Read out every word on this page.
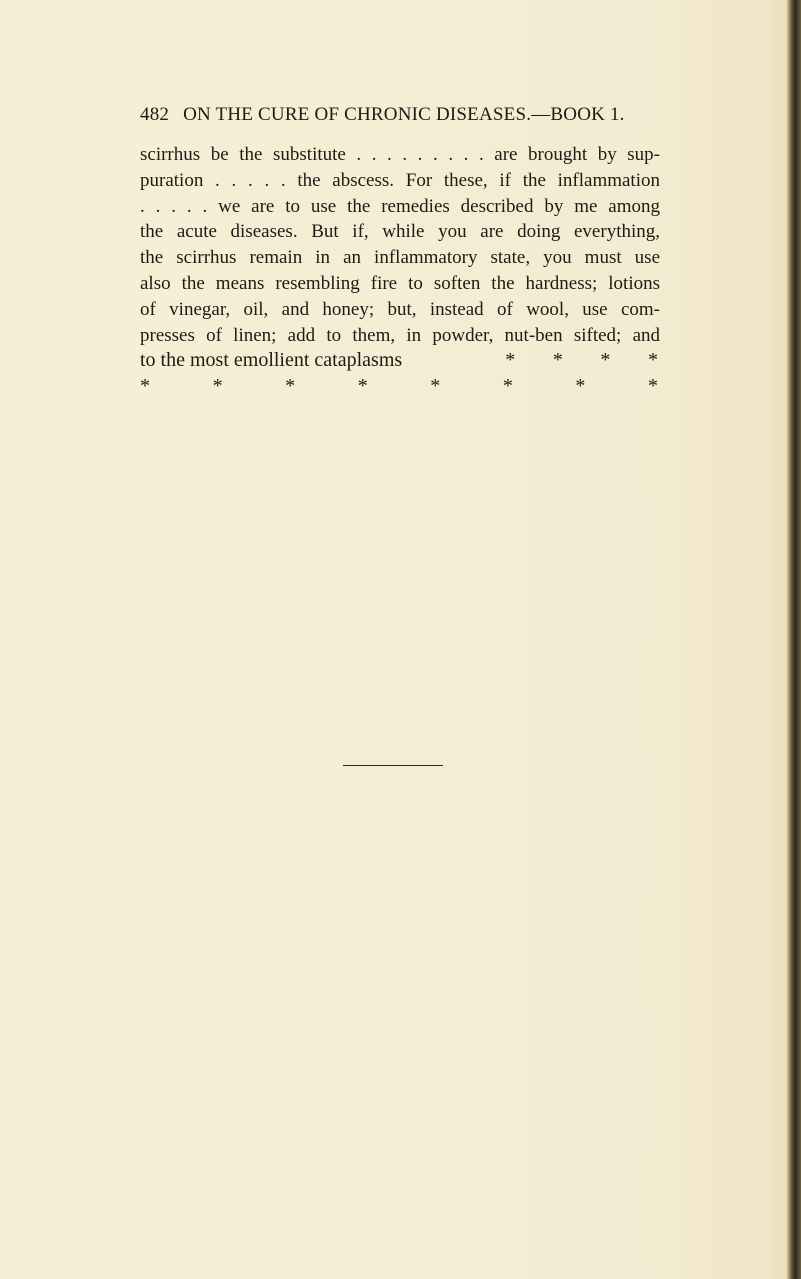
482 ON THE CURE OF CHRONIC DISEASES.—BOOK 1.
scirrhus be the substitute . . . . . . . . . are brought by sup-
puration . . . . . the abscess. For these, if the inflammation
. . . . . we are to use the remedies described by me among
the acute diseases. But if, while you are doing everything,
the scirrhus remain in an inflammatory state, you must use
also the means resembling fire to soften the hardness; lotions
of vinegar, oil, and honey; but, instead of wool, use com-
presses of linen; add to them, in powder, nut-ben sifted; and
to the most emollient cataplasms	* * * *
*	*	*	*	*	*	*	*
